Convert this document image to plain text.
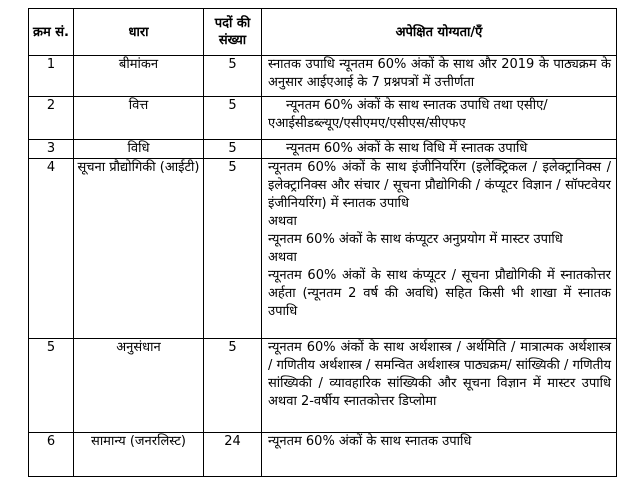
क्रम सं.	धारा	पदों की संख्या	अपेक्षित योग्यता/एँ
1	बीमांकन	5	स्नातक उपाधि न्यूनतम 60% अंकों के साथ और 2019 के पाठ्यक्रम के अनुसार आईएआई के 7 प्रश्नपत्रों में उत्तीर्णता

2	वित्त	5	न्यूनतम 60% अंकों के साथ स्नातक उपाधि तथा एसीए/
एआईसीडब्ल्यूए/एसीएमए/एसीएस/सीएफए

3	विधि	5	न्यूनतम 60% अंकों के साथ विधि में स्नातक उपाधि

4	सूचना प्रौद्योगिकी (आईटी)	5	न्यूनतम 60% अंकों के साथ इंजीनियरिंग (इलेक्ट्रिकल / इलेक्ट्रानिक्स / इलेक्ट्रानिक्स और संचार / सूचना प्रौद्योगिकी / कंप्यूटर विज्ञान / सॉफ्टवेयर इंजीनियरिंग) में स्नातक उपाधि
अथवा
न्यूनतम 60% अंकों के साथ कंप्यूटर अनुप्रयोग में मास्टर उपाधि
अथवा
न्यूनतम 60% अंकों के साथ कंप्यूटर / सूचना प्रौद्योगिकी में स्नातकोत्तर अर्हता (न्यूनतम 2 वर्ष की अवधि) सहित किसी भी शाखा में स्नातक उपाधि

5	अनुसंधान	5	न्यूनतम 60% अंकों के साथ अर्थशास्त्र / अर्थमिति / मात्रात्मक अर्थशास्त्र / गणितीय अर्थशास्त्र / समन्वित अर्थशास्त्र पाठ्यक्रम/ सांख्यिकी / गणितीय सांख्यिकी / व्यावहारिक सांख्यिकी और सूचना विज्ञान में मास्टर उपाधि अथवा 2-वर्षीय स्नातकोत्तर डिप्लोमा

6	सामान्य (जनरलिस्ट)	24	न्यूनतम 60% अंकों के साथ स्नातक उपाधि
